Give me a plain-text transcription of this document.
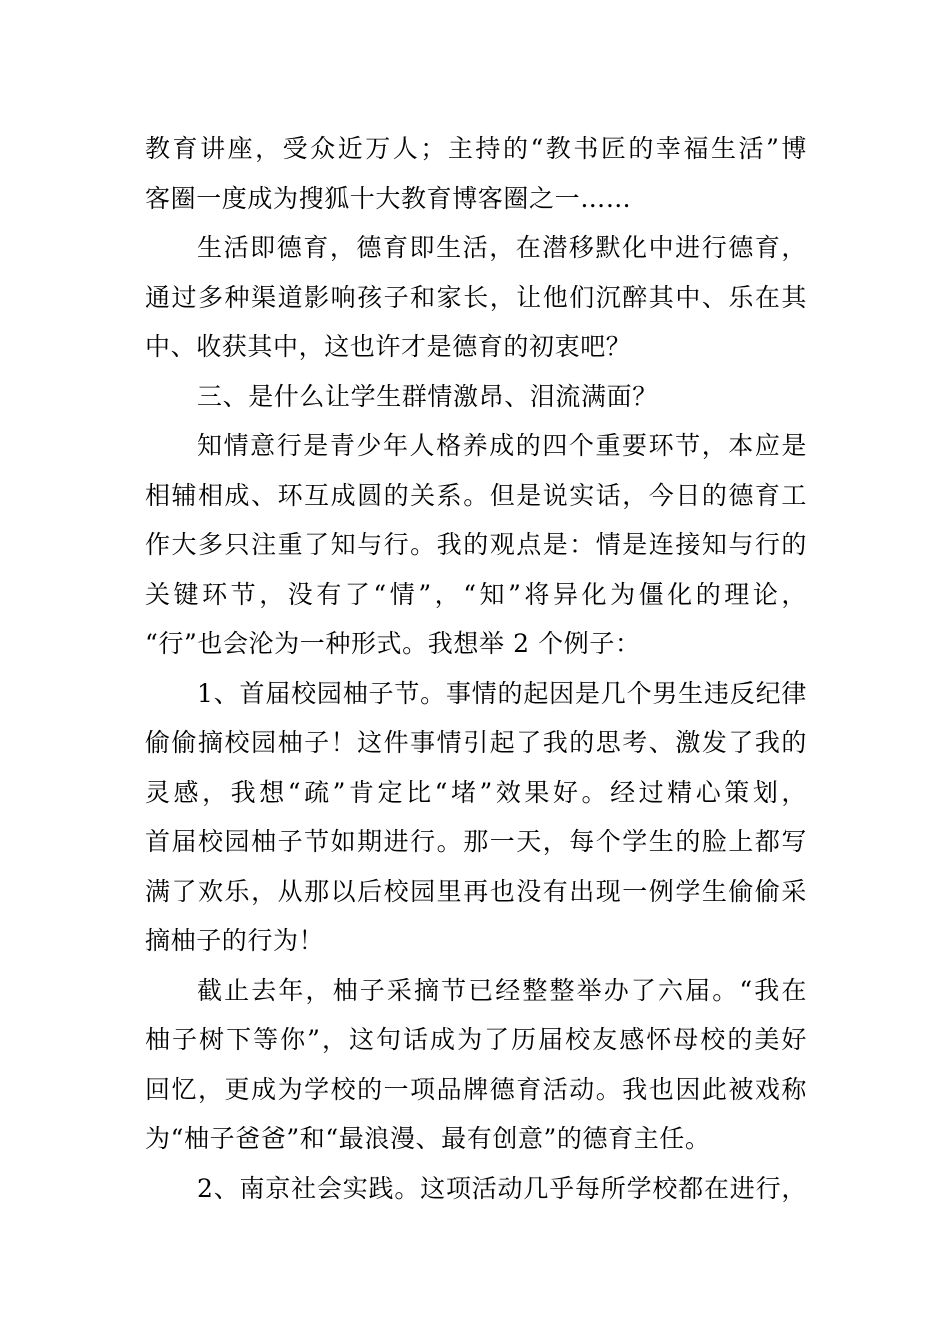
教育讲座，受众近万人；主持的“教书匠的幸福生活”博
客圈一度成为搜狐十大教育博客圈之一……
生活即德育，德育即生活，在潜移默化中进行德育，
通过多种渠道影响孩子和家长，让他们沉醉其中、乐在其
中、收获其中，这也许才是德育的初衷吧？
三、是什么让学生群情激昂、泪流满面？
知情意行是青少年人格养成的四个重要环节，本应是
相辅相成、环互成圆的关系。但是说实话，今日的德育工
作大多只注重了知与行。我的观点是：情是连接知与行的
关键环节，没有了“情”，“知”将异化为僵化的理论，
“行”也会沦为一种形式。我想举 2 个例子：
1、首届校园柚子节。事情的起因是几个男生违反纪律
偷偷摘校园柚子！这件事情引起了我的思考、激发了我的
灵感，我想“疏”肯定比“堵”效果好。经过精心策划，
首届校园柚子节如期进行。那一天，每个学生的脸上都写
满了欢乐，从那以后校园里再也没有出现一例学生偷偷采
摘柚子的行为！
截止去年，柚子采摘节已经整整举办了六届。“我在
柚子树下等你”，这句话成为了历届校友感怀母校的美好
回忆，更成为学校的一项品牌德育活动。我也因此被戏称
为“柚子爸爸”和“最浪漫、最有创意”的德育主任。
2、南京社会实践。这项活动几乎每所学校都在进行，
